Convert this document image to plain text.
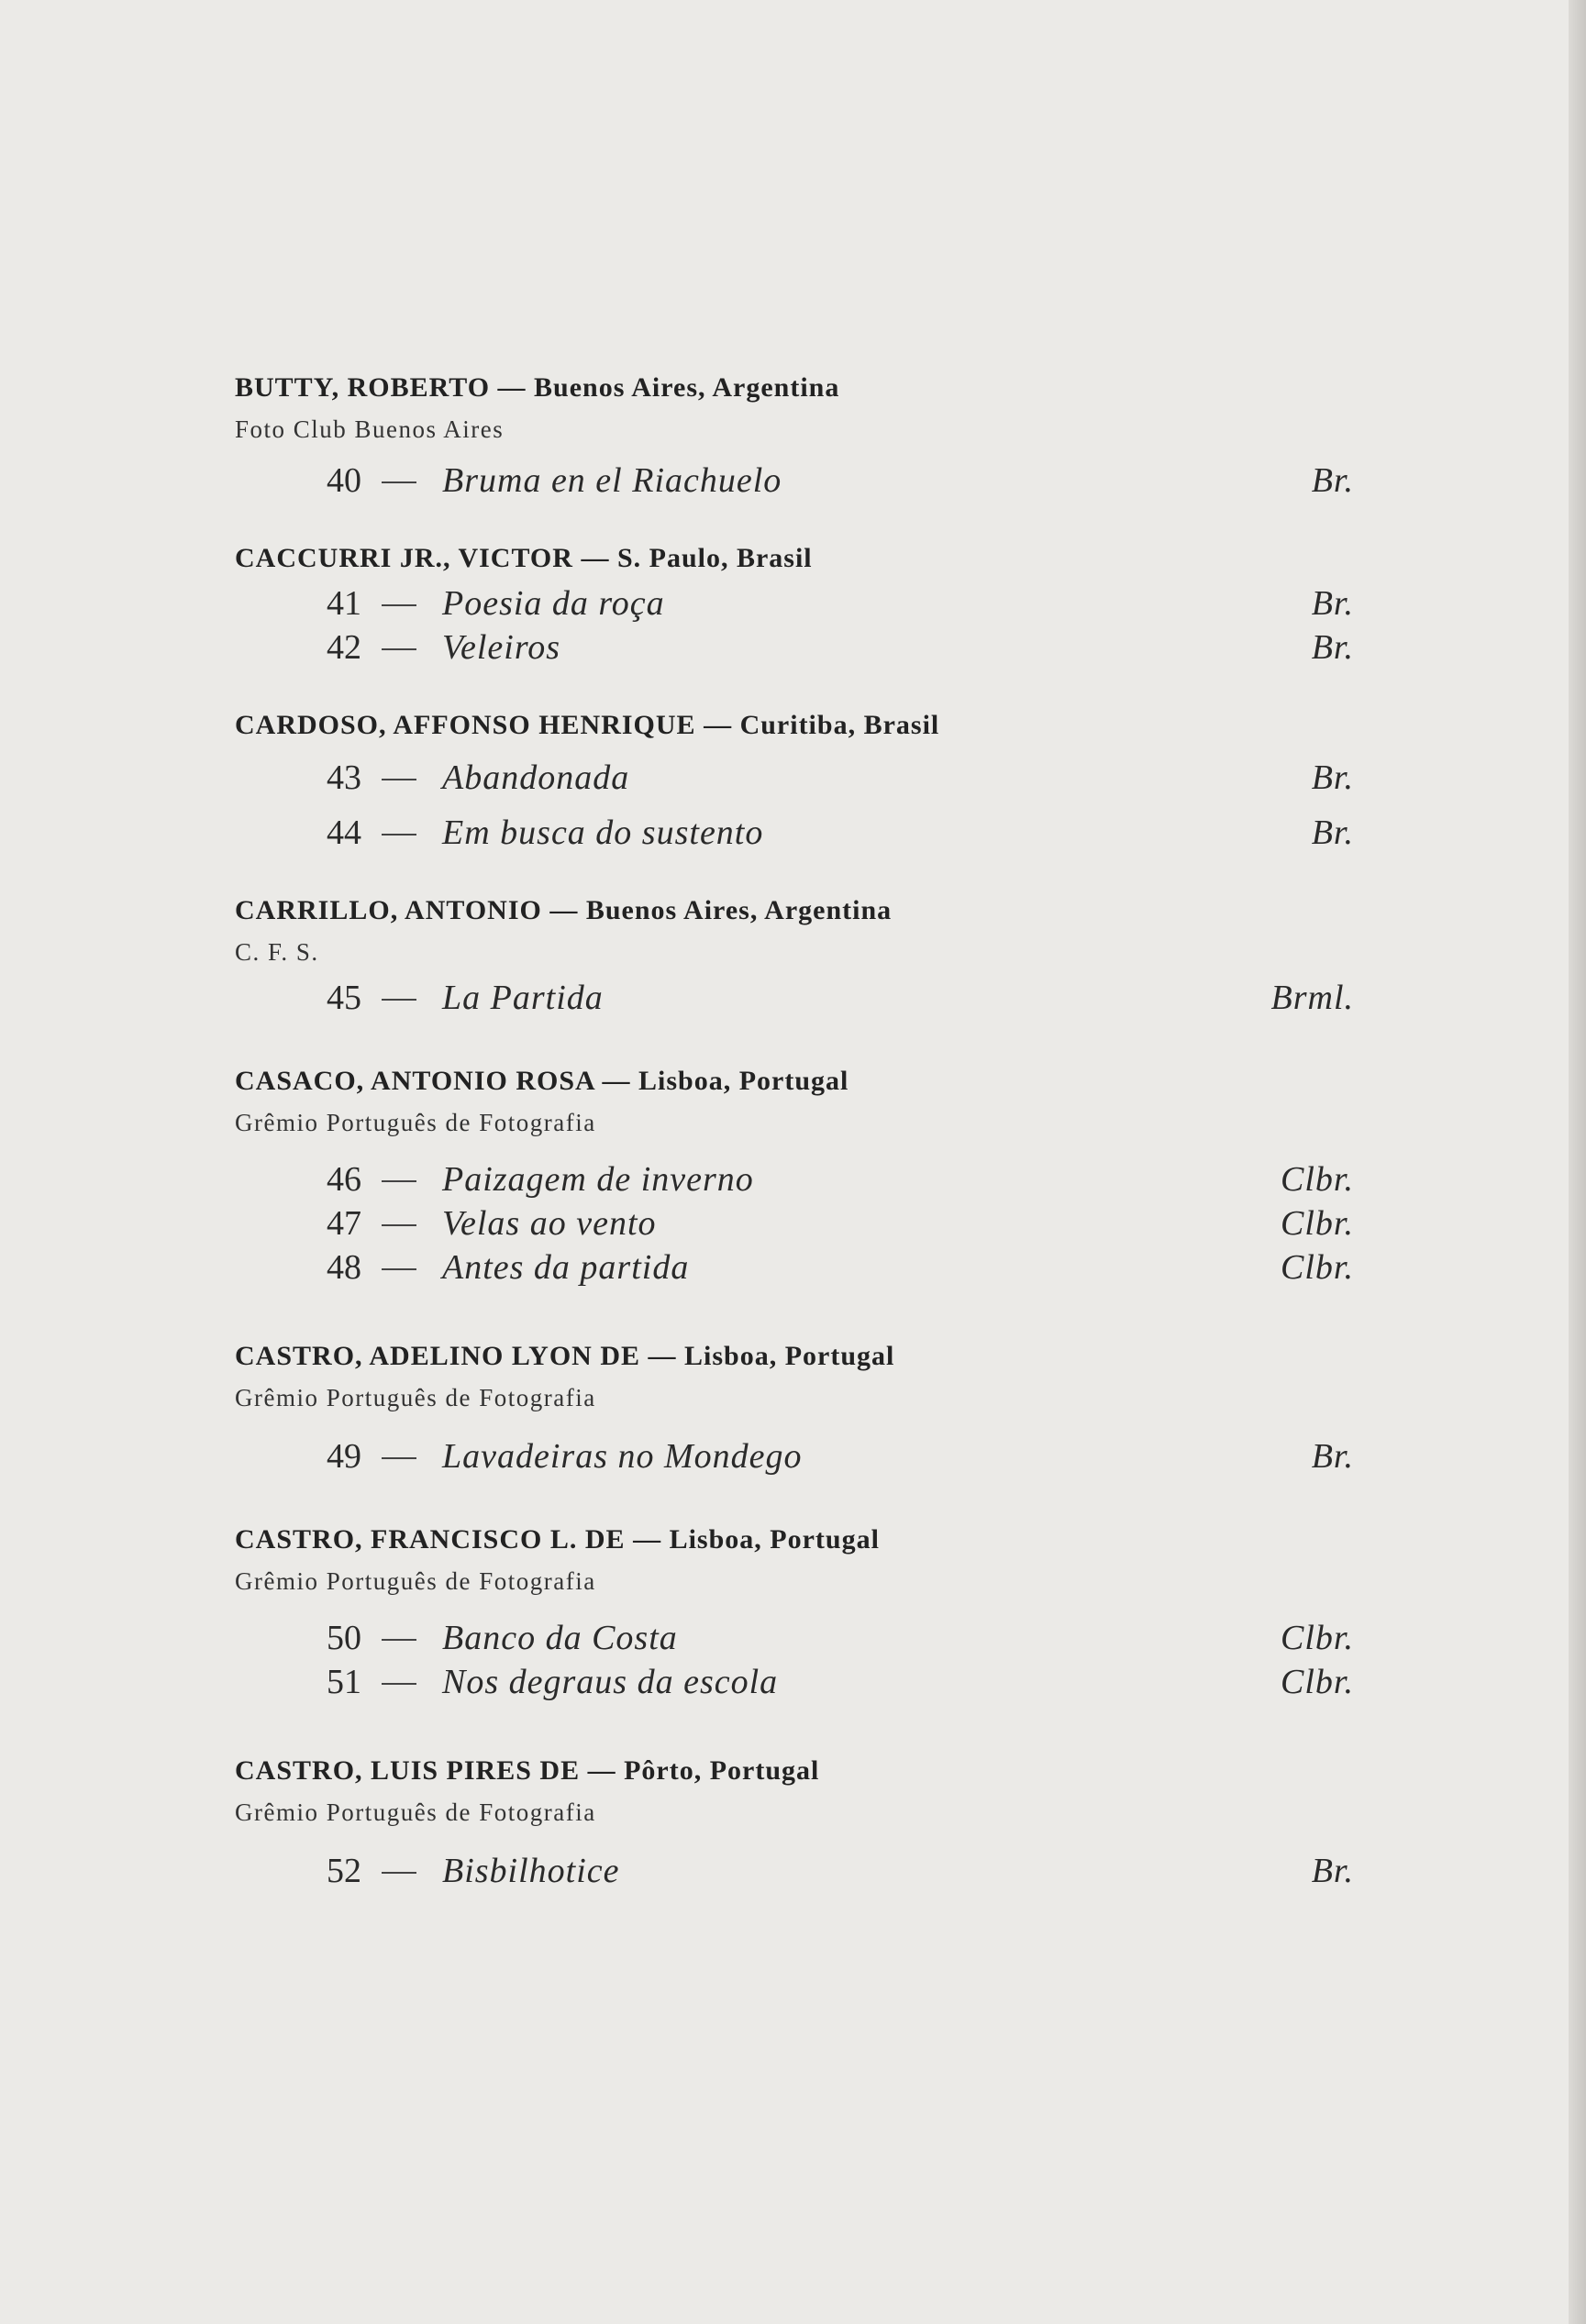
BUTTY, ROBERTO — Buenos Aires, Argentina
Foto Club Buenos Aires
40 Bruma en el Riachuelo	Br.
CACCURRI JR., VICTOR — S. Paulo, Brasil
41 Poesia da roça	Br.
42 Veleiros	Br.
CARDOSO, AFFONSO HENRIQUE — Curitiba, Brasil
43 Abandonada	Br.
44 Em busca do sustento	Br.
CARRILLO, ANTONIO — Buenos Aires, Argentina
C. F. S.
45 La Partida	Brml.
CASACO, ANTONIO ROSA — Lisboa, Portugal
Grêmio Português de Fotografia
46 Paizagem de inverno	Clbr.
47 Velas ao vento	Clbr.
48 Antes da partida	Clbr.
CASTRO, ADELINO LYON DE — Lisboa, Portugal
Grêmio Português de Fotografia
49 Lavadeiras no Mondego	Br.
CASTRO, FRANCISCO L. DE — Lisboa, Portugal
Grêmio Português de Fotografia
50 Banco da Costa	Clbr.
51 Nos degraus da escola	Clbr.
CASTRO, LUIS PIRES DE — Pôrto, Portugal
Grêmio Português de Fotografia
52 Bisbilhotice	Br.
